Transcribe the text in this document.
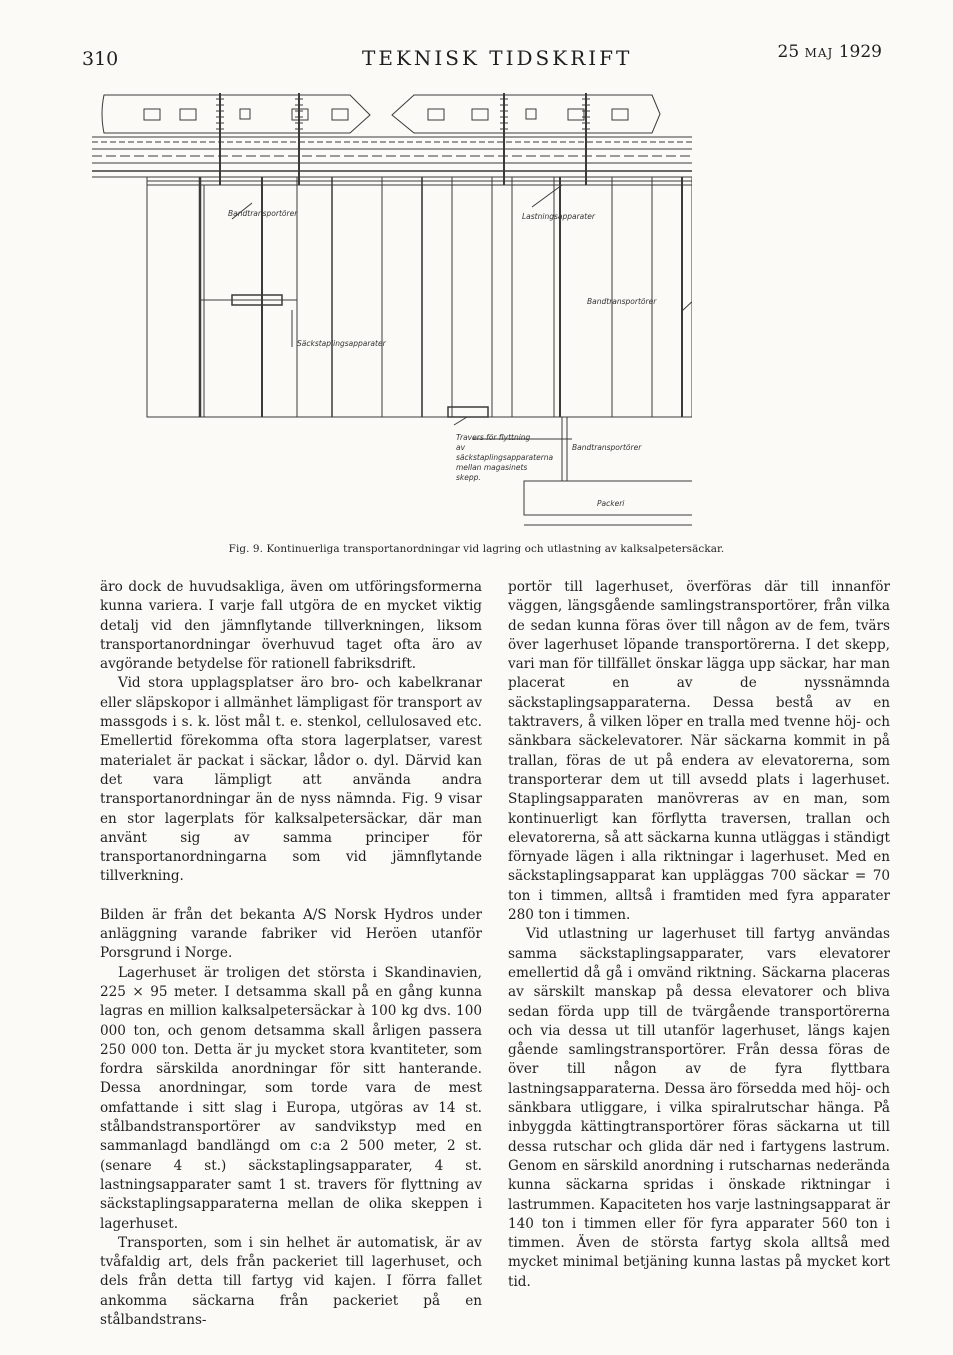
310	TEKNISK TIDSKRIFT	25 MAJ 1929
Bandtransportörer	Lastningsapparater
Bandtransportörer
Säckstaplingsapparater
Travers för flyttning av säckstaplingsapparaterna mellan magasinets skepp.
Bandtransportörer
Packeri
Fig. 9. Kontinuerliga transportanordningar vid lagring och utlastning av kalksalpetersäckar.

äro dock de huvudsakliga, även om utföringsformerna kunna variera. I varje fall utgöra de en mycket viktig detalj vid den jämnflytande tillverkningen, liksom transportanordningar överhuvud taget ofta äro av avgörande betydelse för rationell fabriksdrift.

Vid stora upplagsplatser äro bro- och kabelkranar eller släpskopor i allmänhet lämpligast för transport av massgods i s. k. löst mål t. e. stenkol, cellulosaved etc. Emellertid förekomma ofta stora lagerplatser, varest materialet är packat i säckar, lådor o. dyl. Därvid kan det vara lämpligt att använda andra transportanordningar än de nyss nämnda. Fig. 9 visar en stor lagerplats för kalksalpetersäckar, där man använt sig av samma principer för transportanordningarna som vid jämnflytande tillverkning.

Bilden är från det bekanta A/S Norsk Hydros under anläggning varande fabriker vid Heröen utanför Porsgrund i Norge.

Lagerhuset är troligen det största i Skandinavien, 225 × 95 meter. I detsamma skall på en gång kunna lagras en million kalksalpetersäckar à 100 kg dvs. 100 000 ton, och genom detsamma skall årligen passera 250 000 ton. Detta är ju mycket stora kvantiteter, som fordra särskilda anordningar för sitt hanterande. Dessa anordningar, som torde vara de mest omfattande i sitt slag i Europa, utgöras av 14 st. stålbandstransportörer av sandvikstyp med en sammanlagd bandlängd om c:a 2 500 meter, 2 st. (senare 4 st.) säckstaplingsapparater, 4 st. lastningsapparater samt 1 st. travers för flyttning av säckstaplingsapparaterna mellan de olika skeppen i lagerhuset.

Transporten, som i sin helhet är automatisk, är av tvåfaldig art, dels från packeriet till lagerhuset, och dels från detta till fartyg vid kajen. I förra fallet ankomma säckarna från packeriet på en stålbandstrans-

portör till lagerhuset, överföras där till innanför väggen, längsgående samlingstransportörer, från vilka de sedan kunna föras över till någon av de fem, tvärs över lagerhuset löpande transportörerna. I det skepp, vari man för tillfället önskar lägga upp säckar, har man placerat en av de nyssnämnda säckstaplingsapparaterna. Dessa bestå av en taktravers, å vilken löper en tralla med tvenne höj- och sänkbara säckelevatorer. När säckarna kommit in på trallan, föras de ut på endera av elevatorerna, som transporterar dem ut till avsedd plats i lagerhuset. Staplingsapparaten manövreras av en man, som kontinuerligt kan förflytta traversen, trallan och elevatorerna, så att säckarna kunna utläggas i ständigt förnyade lägen i alla riktningar i lagerhuset. Med en säckstaplingsapparat kan uppläggas 700 säckar = 70 ton i timmen, alltså i framtiden med fyra apparater 280 ton i timmen.

Vid utlastning ur lagerhuset till fartyg användas samma säckstaplingsapparater, vars elevatorer emellertid då gå i omvänd riktning. Säckarna placeras av särskilt manskap på dessa elevatorer och bliva sedan förda upp till de tvärgående transportörerna och via dessa ut till utanför lagerhuset, längs kajen gående samlingstransportörer. Från dessa föras de över till någon av de fyra flyttbara lastningsapparaterna. Dessa äro försedda med höj- och sänkbara utliggare, i vilka spiralrutschar hänga. På inbyggda kättingtransportörer föras säckarna ut till dessa rutschar och glida där ned i fartygens lastrum. Genom en särskild anordning i rutscharnas nederända kunna säckarna spridas i önskade riktningar i lastrummen. Kapaciteten hos varje lastningsapparat är 140 ton i timmen eller för fyra apparater 560 ton i timmen. Även de största fartyg skola alltså med mycket minimal betjäning kunna lastas på mycket kort tid.
